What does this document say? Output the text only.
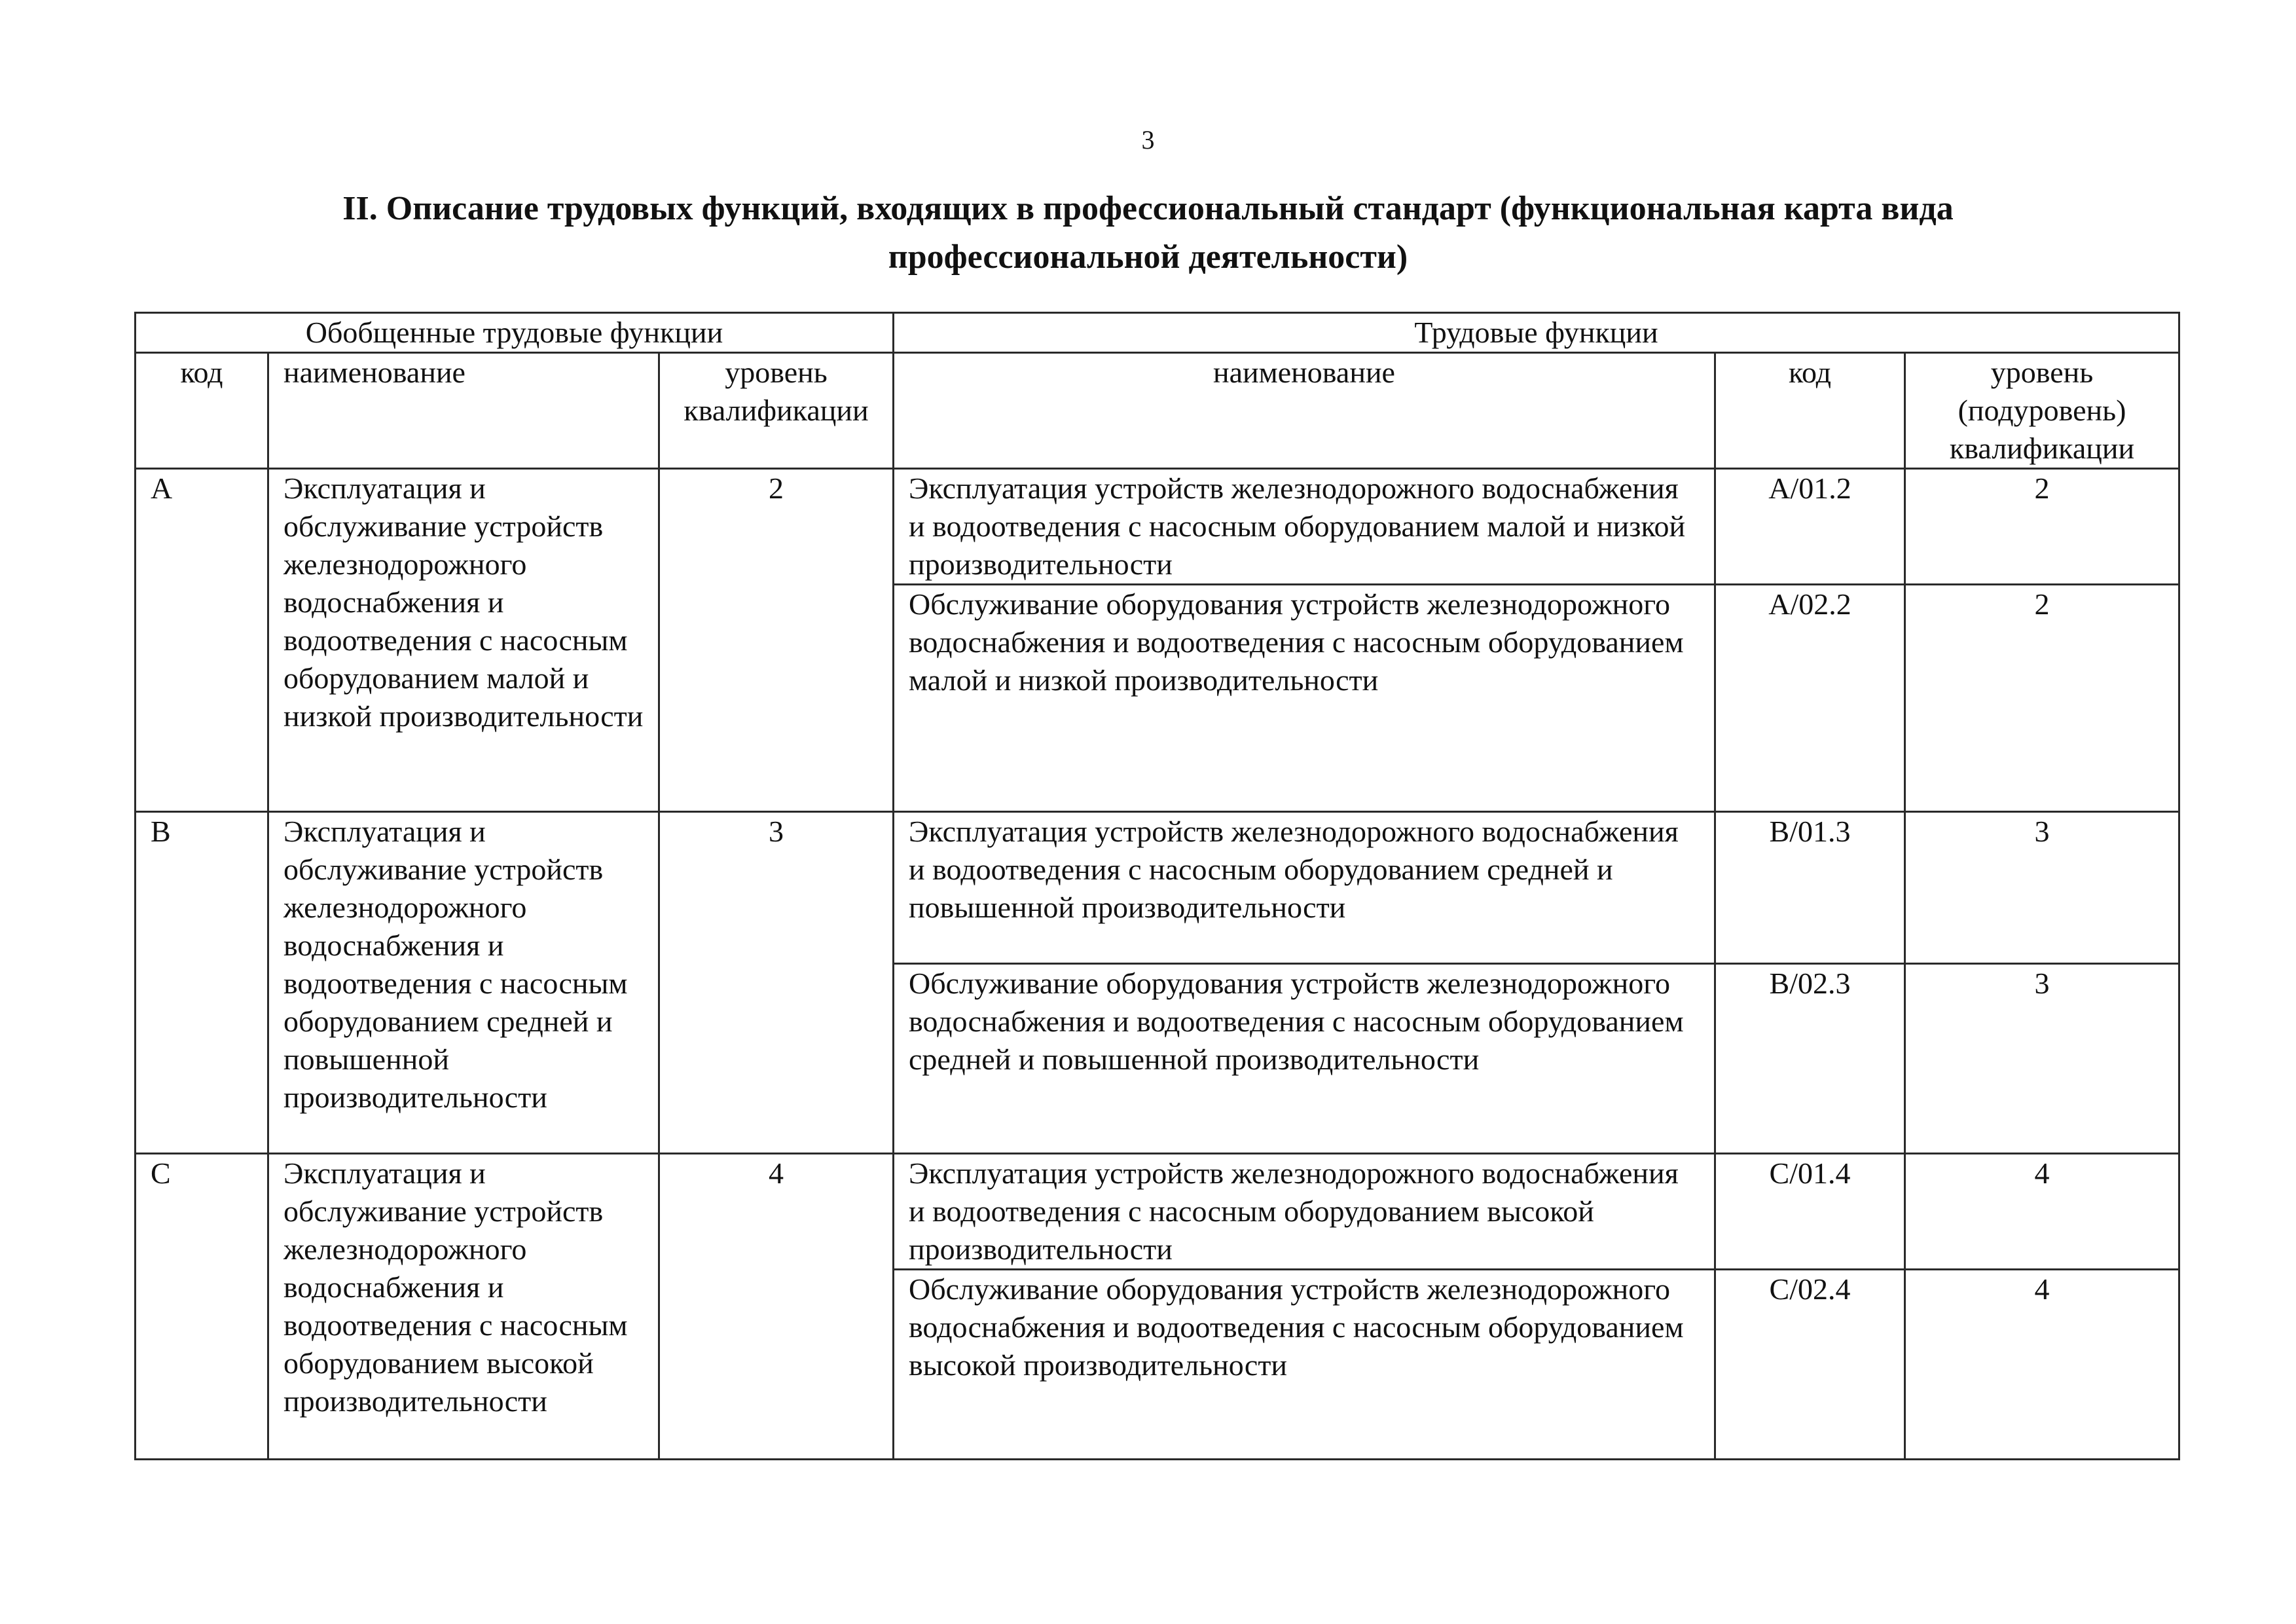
3
II. Описание трудовых функций, входящих в профессиональный стандарт (функциональная карта вида
профессиональной деятельности)
Обобщенные трудовые функции			Трудовые функции		
код	наименование	уровень квалификации	наименование	код	уровень (подуровень) квалификации
A	Эксплуатация и обслуживание устройств железнодорожного водоснабжения и водоотведения с насосным оборудованием малой и низкой производительности	2	Эксплуатация устройств железнодорожного водоснабжения и водоотведения с насосным оборудованием малой и низкой производительности	A/01.2	2
			Обслуживание оборудования устройств железнодорожного водоснабжения и водоотведения с насосным оборудованием малой и низкой производительности	A/02.2	2
B	Эксплуатация и обслуживание устройств железнодорожного водоснабжения и водоотведения с насосным оборудованием средней и повышенной производительности	3	Эксплуатация устройств железнодорожного водоснабжения и водоотведения с насосным оборудованием средней и повышенной производительности	B/01.3	3
			Обслуживание оборудования устройств железнодорожного водоснабжения и водоотведения с насосным оборудованием средней и повышенной производительности	B/02.3	3
C	Эксплуатация и обслуживание устройств железнодорожного водоснабжения и водоотведения с насосным оборудованием высокой производительности	4	Эксплуатация устройств железнодорожного водоснабжения и водоотведения с насосным оборудованием высокой производительности	C/01.4	4
			Обслуживание оборудования устройств железнодорожного водоснабжения и водоотведения с насосным оборудованием высокой производительности	C/02.4	4
